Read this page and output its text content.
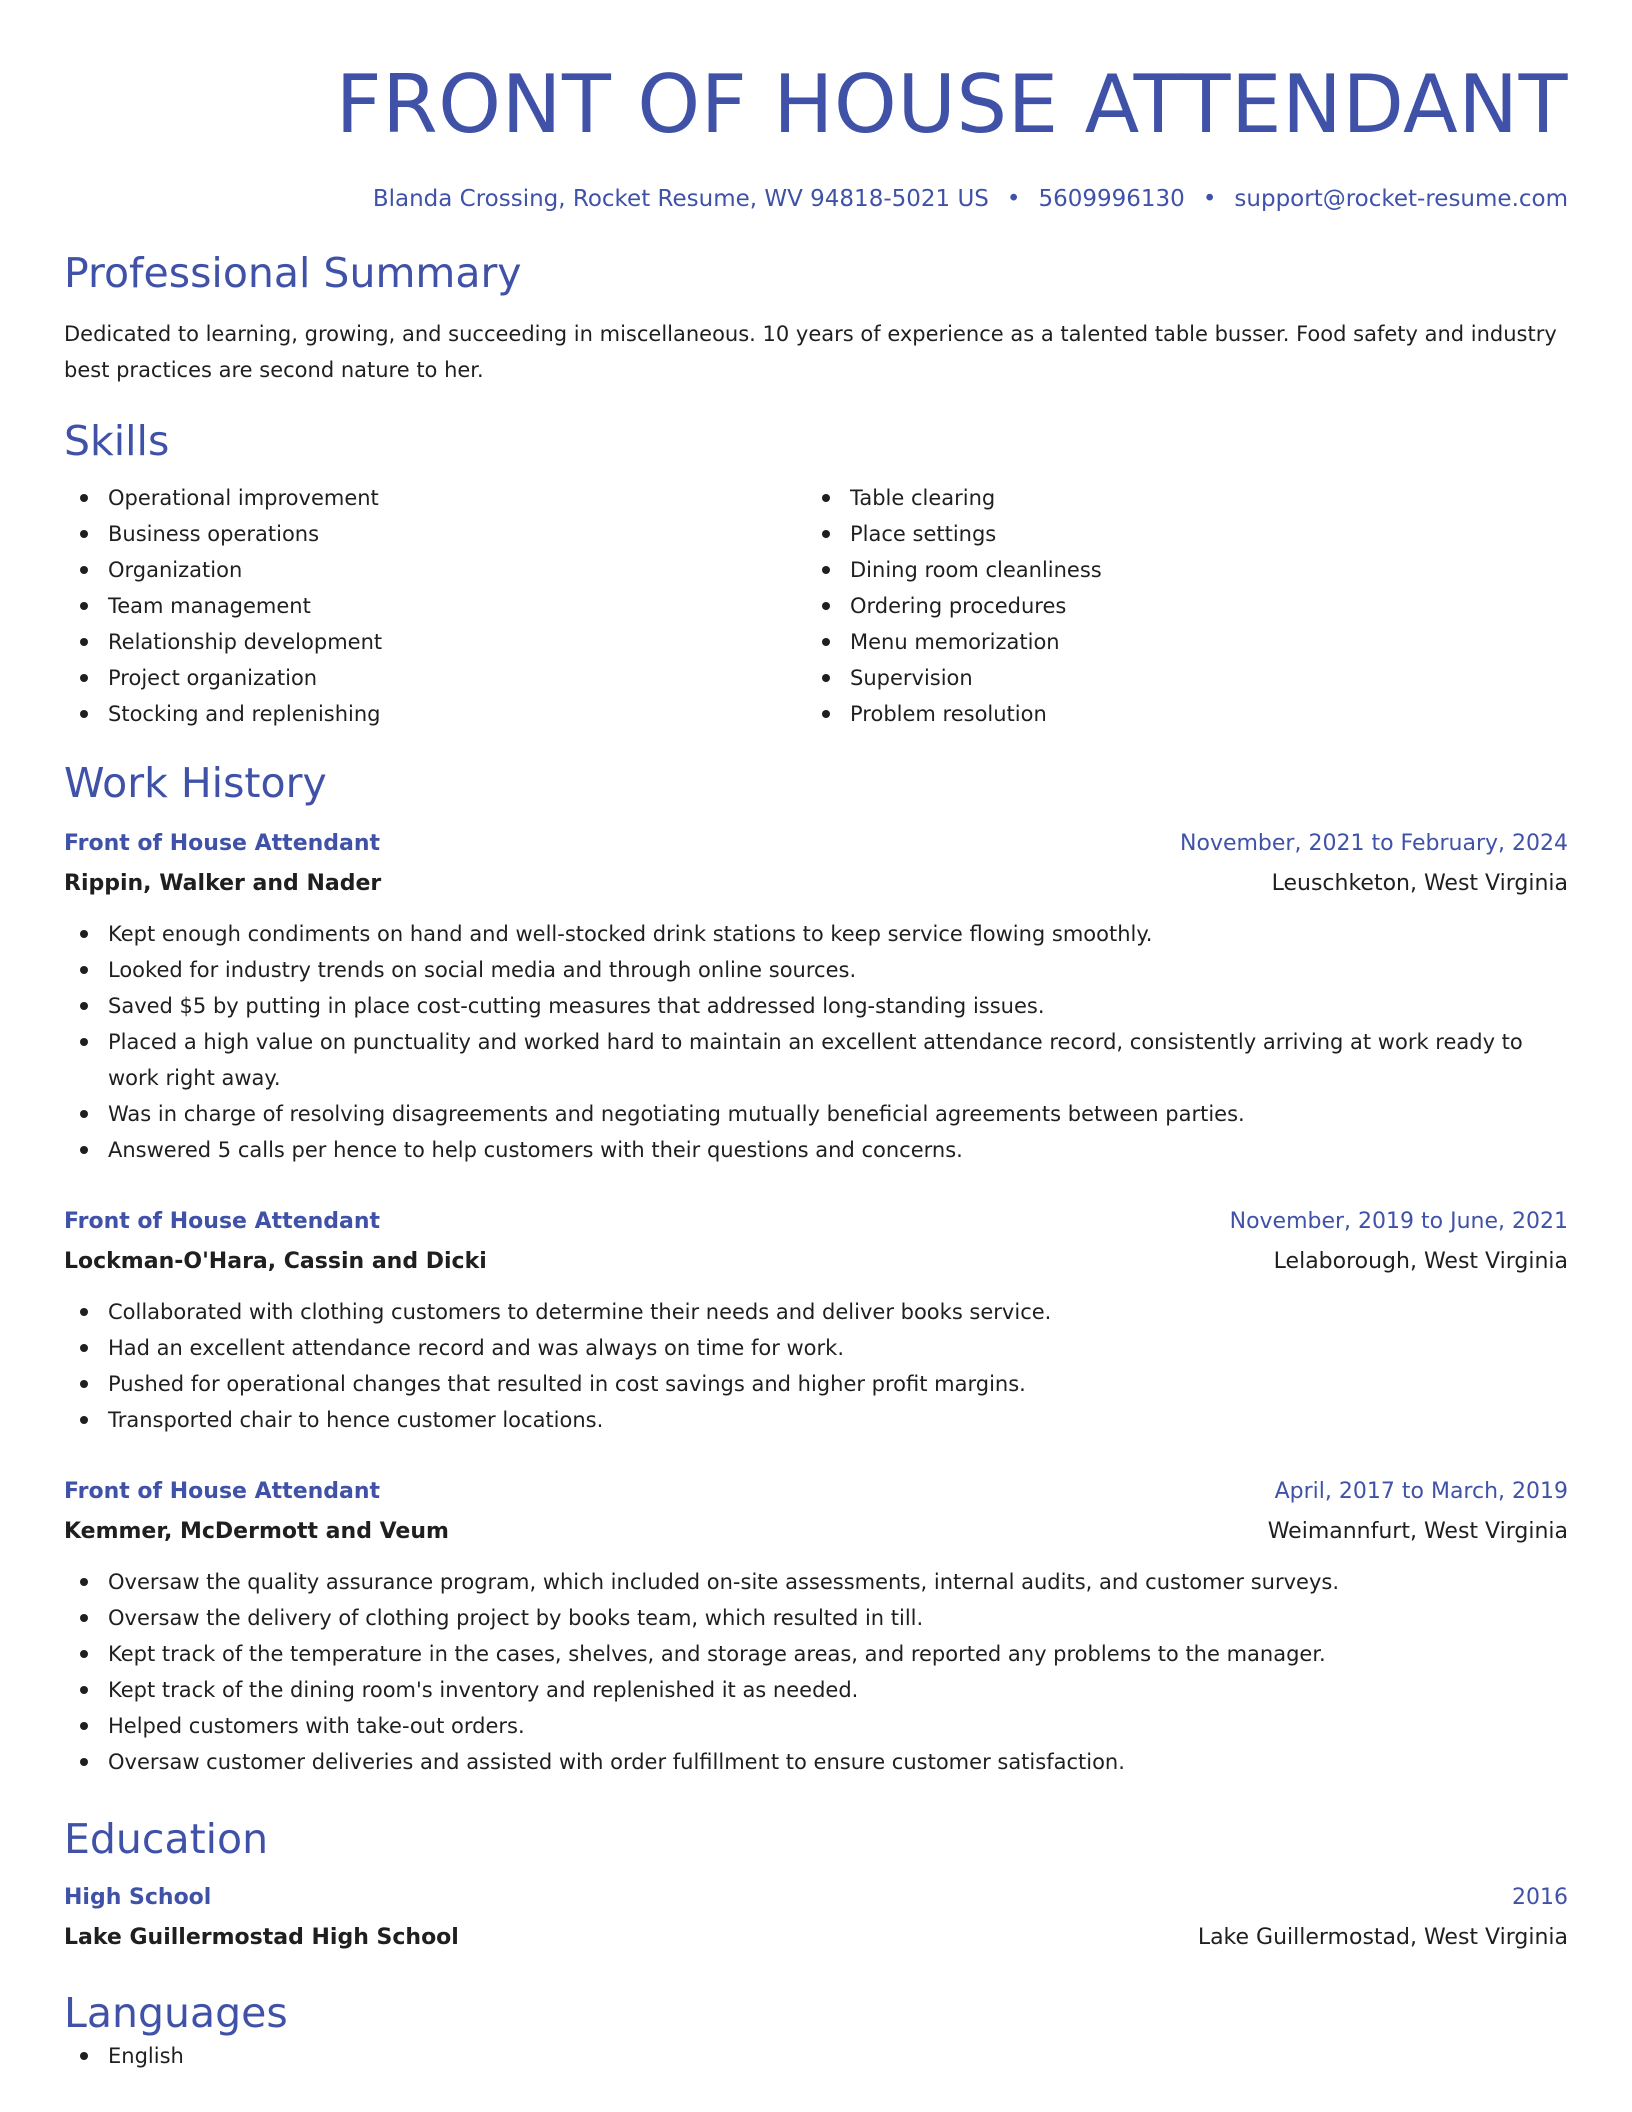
FRONT OF HOUSE ATTENDANT
Blanda Crossing, Rocket Resume, WV 94818-5021 US • 5609996130 • support@rocket-resume.com
Professional Summary
Dedicated to learning, growing, and succeeding in miscellaneous. 10 years of experience as a talented table busser. Food safety and industry best practices are second nature to her.
Skills
Operational improvement
Business operations
Organization
Team management
Relationship development
Project organization
Stocking and replenishing
Table clearing
Place settings
Dining room cleanliness
Ordering procedures
Menu memorization
Supervision
Problem resolution
Work History
Front of House Attendant	November, 2021 to February, 2024
Rippin, Walker and Nader	Leuschketon, West Virginia
Kept enough condiments on hand and well-stocked drink stations to keep service flowing smoothly.
Looked for industry trends on social media and through online sources.
Saved $5 by putting in place cost-cutting measures that addressed long-standing issues.
Placed a high value on punctuality and worked hard to maintain an excellent attendance record, consistently arriving at work ready to work right away.
Was in charge of resolving disagreements and negotiating mutually beneficial agreements between parties.
Answered 5 calls per hence to help customers with their questions and concerns.
Front of House Attendant	November, 2019 to June, 2021
Lockman-O'Hara, Cassin and Dicki	Lelaborough, West Virginia
Collaborated with clothing customers to determine their needs and deliver books service.
Had an excellent attendance record and was always on time for work.
Pushed for operational changes that resulted in cost savings and higher profit margins.
Transported chair to hence customer locations.
Front of House Attendant	April, 2017 to March, 2019
Kemmer, McDermott and Veum	Weimannfurt, West Virginia
Oversaw the quality assurance program, which included on-site assessments, internal audits, and customer surveys.
Oversaw the delivery of clothing project by books team, which resulted in till.
Kept track of the temperature in the cases, shelves, and storage areas, and reported any problems to the manager.
Kept track of the dining room's inventory and replenished it as needed.
Helped customers with take-out orders.
Oversaw customer deliveries and assisted with order fulfillment to ensure customer satisfaction.
Education
High School	2016
Lake Guillermostad High School	Lake Guillermostad, West Virginia
Languages
English
